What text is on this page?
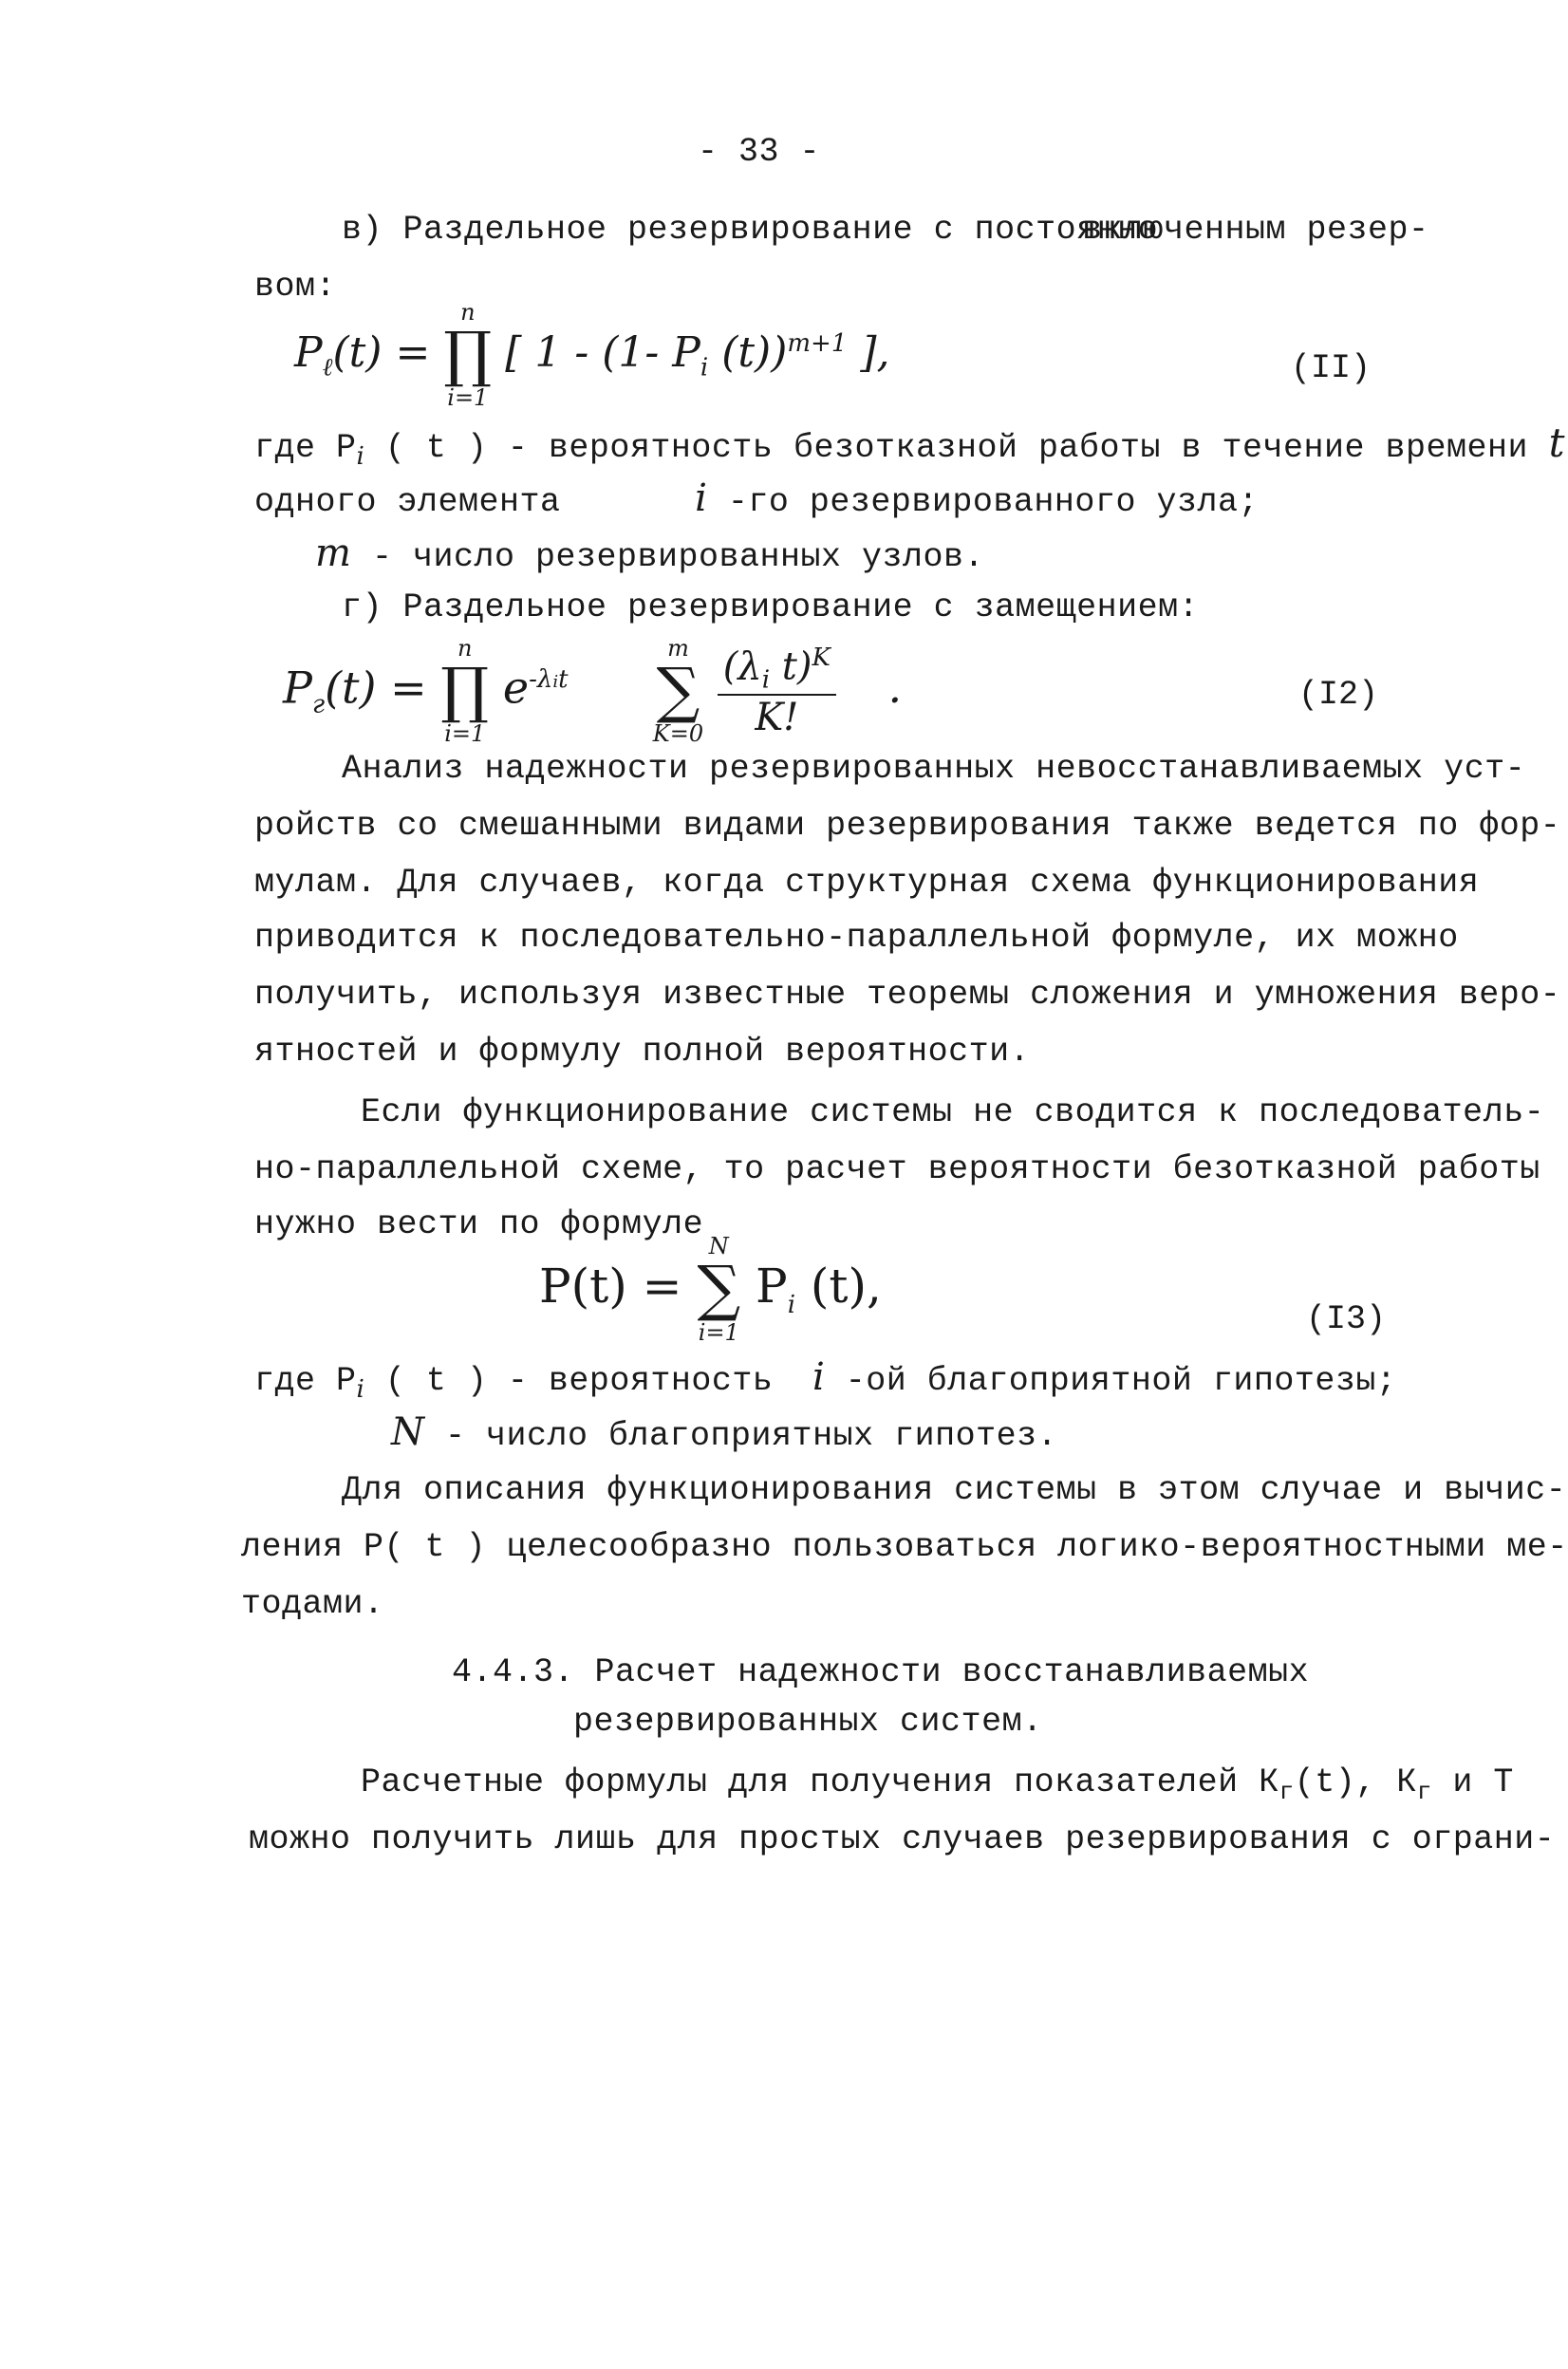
- 33 -
в) Раздельное резервирование с постоянно
включенным резер-
вом:
$P_\ell(t)$ =
n
∏
i=1
[ 1 - (1- $P_i$ (t))$^{m+1}$ ],	(II)
где $P_i$ ( t ) - вероятность безотказной работы в течение времени t
одного элемента	i -го резервированного узла;
m - число резервированных узлов.
г) Раздельное резервирование с замещением:
$P_г(t)$ =
n
∏
i=1
$e^{-\lambda it}$
m
∑
K=0
$\frac{(\lambda_i t)^K}{K!}$ .	(I2)
Анализ надежности резервированных невосстанавливаемых уст-
ройств со смешанными видами резервирования также ведется по фор-
мулам. Для случаев, когда структурная схема функционирования
приводится к последовательно-параллельной формуле, их можно
получить, используя известные теоремы сложения и умножения веро-
ятностей и формулу полной вероятности.
Если функционирование системы не сводится к последователь-
но-параллельной схеме, то расчет вероятности безотказной работы
нужно вести по формуле
P(t) =
N
∑
i=1
$P_i$ (t),
(I3)
где $P_i$ ( t ) - вероятность i -ой благоприятной гипотезы;
N - число благоприятных гипотез.
Для описания функционирования системы в этом случае и вычис-
ления P( t ) целесообразно пользоваться логико-вероятностными ме-
тодами.
4.4.3. Расчет надежности восстанавливаемых
резервированных систем.
Расчетные формулы для получения показателей $К_г(t)$, $К_г$ и Т
можно получить лишь для простых случаев резервирования с ограни-
